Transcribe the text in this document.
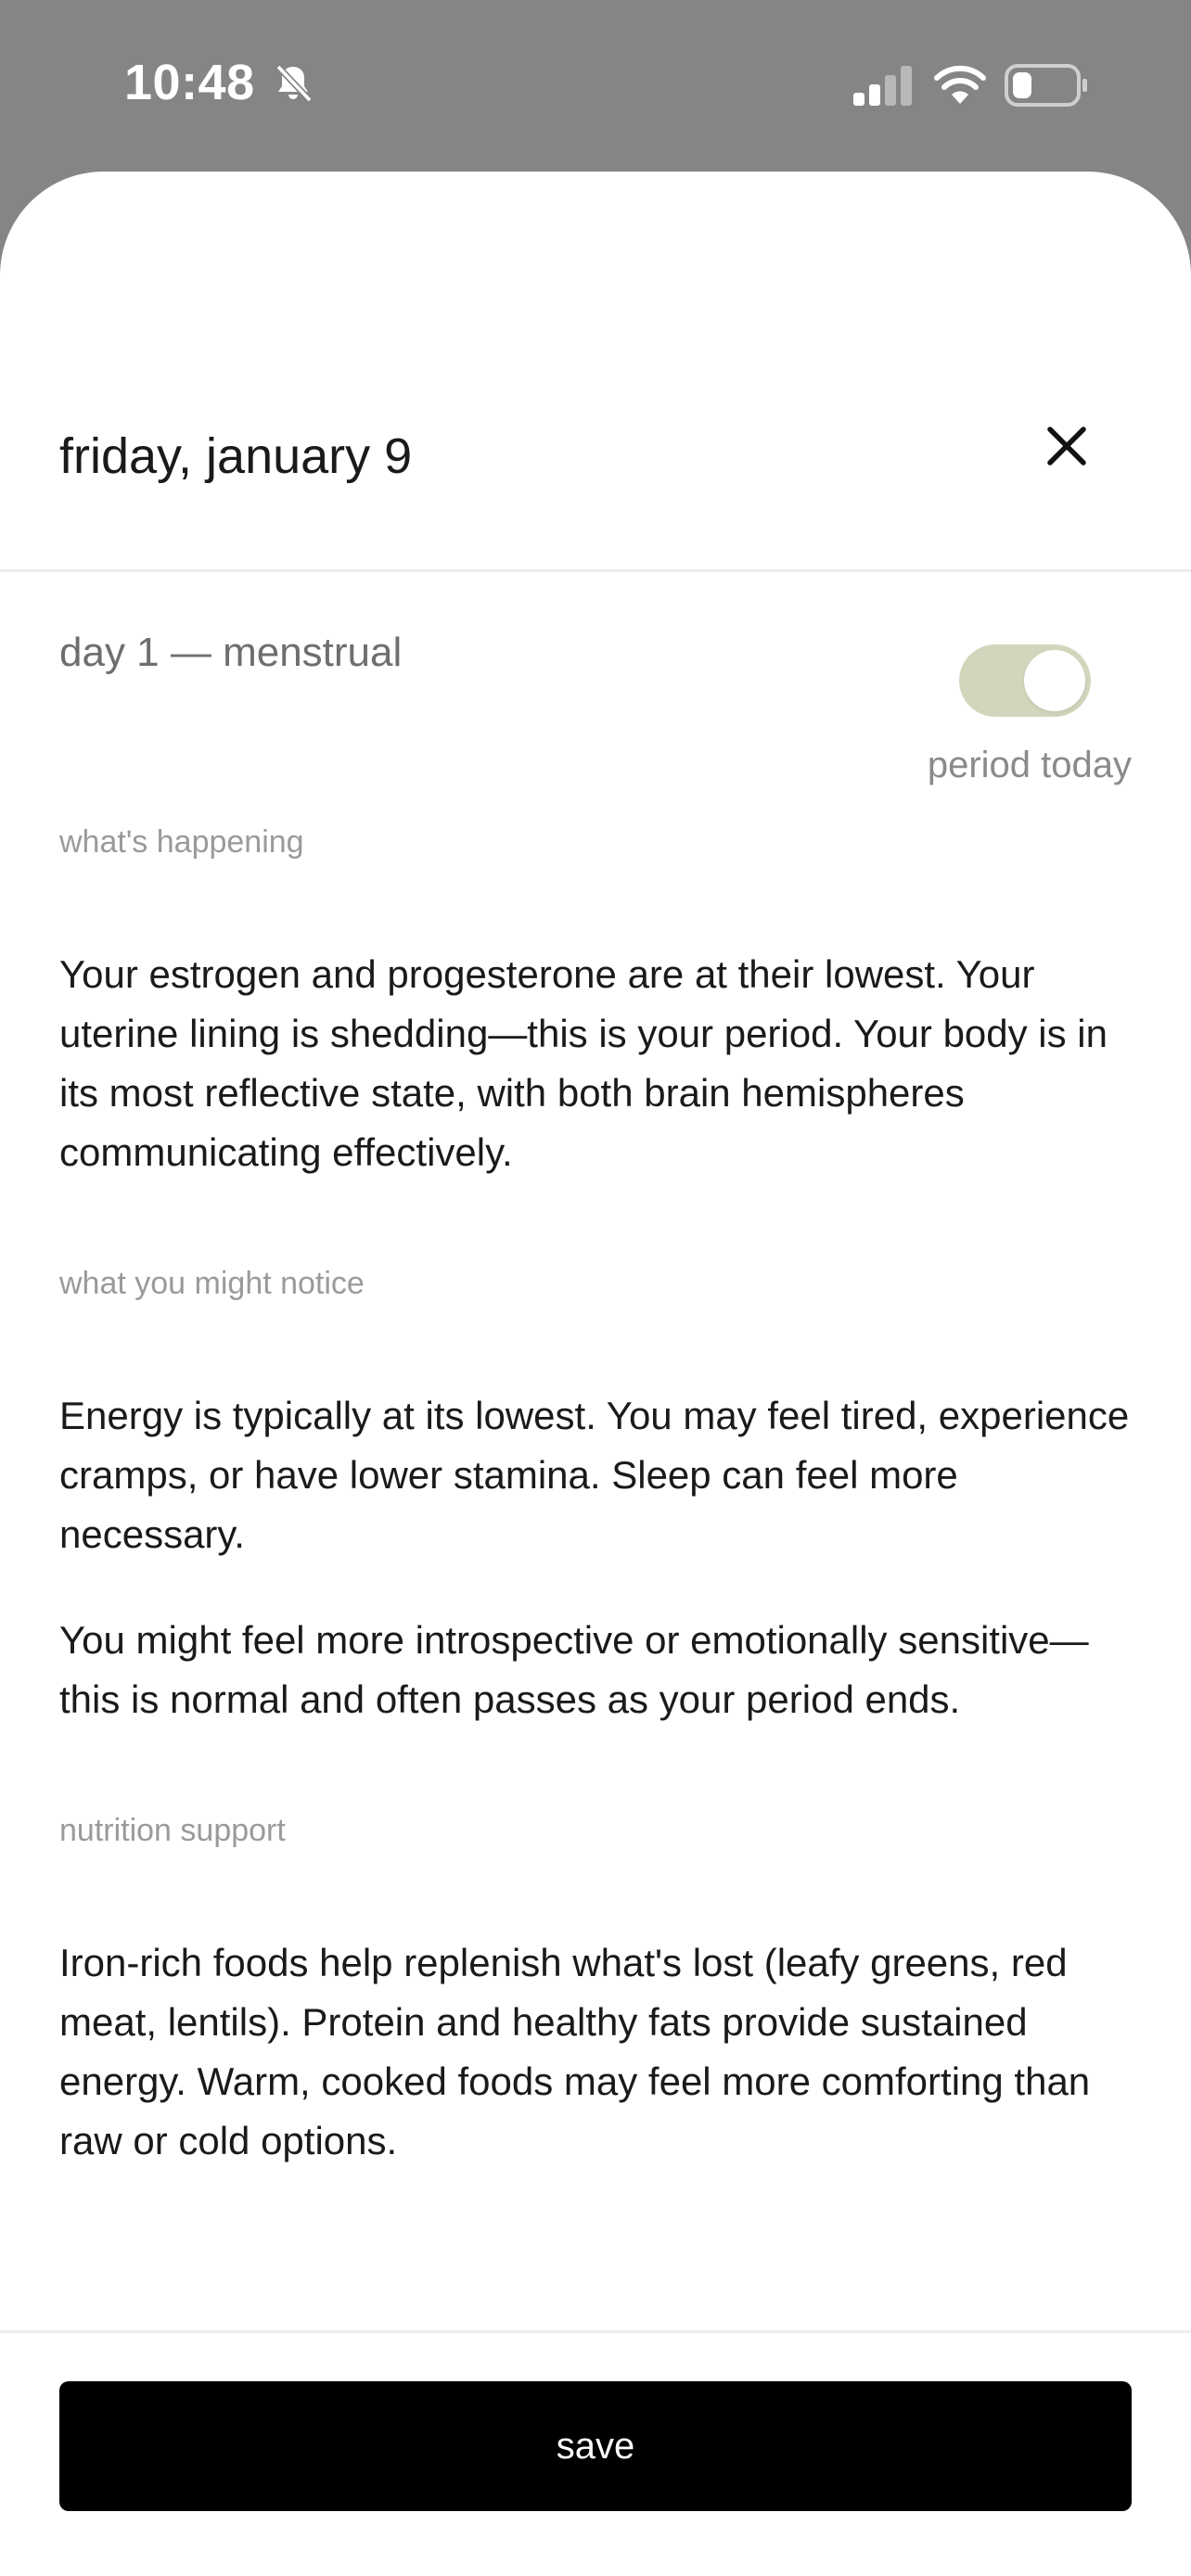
10:48
friday, january 9
day 1 — menstrual
period today
what's happening

Your estrogen and progesterone are at their lowest. Your uterine lining is shedding—this is your period. Your body is in its most reflective state, with both brain hemispheres communicating effectively.

what you might notice

Energy is typically at its lowest. You may feel tired, experience cramps, or have lower stamina. Sleep can feel more necessary.

You might feel more introspective or emotionally sensitive—this is normal and often passes as your period ends.

nutrition support

Iron-rich foods help replenish what's lost (leafy greens, red meat, lentils). Protein and healthy fats provide sustained energy. Warm, cooked foods may feel more comforting than raw or cold options.

save
